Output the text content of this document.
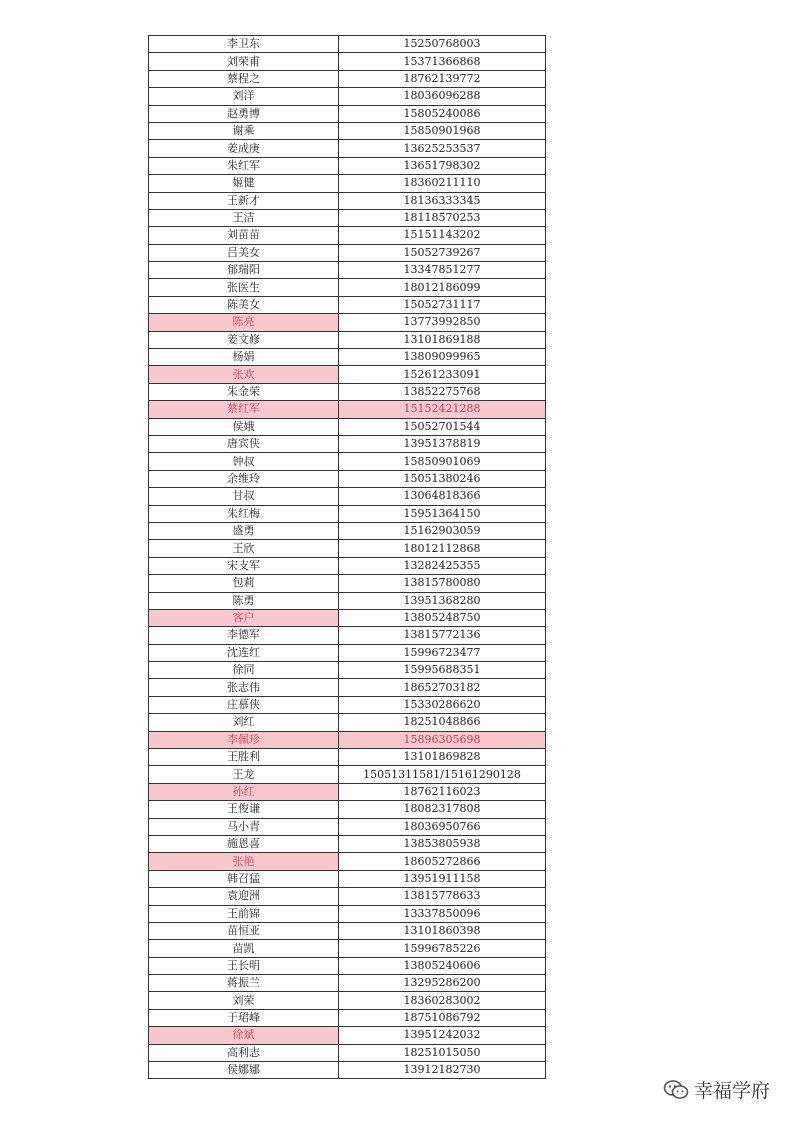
李卫东	15250768003
刘荣甫	15371366868
蔡程之	18762139772
刘洋	18036096288
赵勇博	15805240086
谢乘	15850901968
姜成庚	13625253537
朱红军	13651798302
姬健	18360211110
王新才	18136333345
王洁	18118570253
刘苗苗	15151143202
吕美女	15052739267
郁瑞阳	13347851277
张医生	18012186099
陈美女	15052731117
陈亮	13773992850
姜文修	13101869188
杨娟	13809099965
张欢	15261233091
朱金荣	13852275768
蔡红军	15152421288
侯娥	15052701544
唐宾侠	13951378819
钟叔	15850901069
余维玲	15051380246
甘叔	13064818366
朱红梅	15951364150
盛勇	15162903059
王欣	18012112868
宋支军	13282425355
包莉	13815780080
陈勇	13951368280
客户	13805248750
李德军	13815772136
沈连红	15996723477
徐同	15995688351
张志伟	18652703182
庄慕侠	15330286620
刘红	18251048866
李佩珍	15896305698
王胜利	13101869828
王龙	15051311581/15161290128
孙红	18762116023
王俊谦	18082317808
马小青	18036950766
施恩喜	13853805938
张艳	18605272866
韩召猛	13951911158
袁迎洲	13815778633
王前锦	13337850096
苗恒亚	13101860398
苗凯	15996785226
王长明	13805240606
蒋振兰	13295286200
刘荣	18360283002
于珺峰	18751086792
徐斌	13951242032
高利志	18251015050
侯娜娜	13912182730
幸福学府
